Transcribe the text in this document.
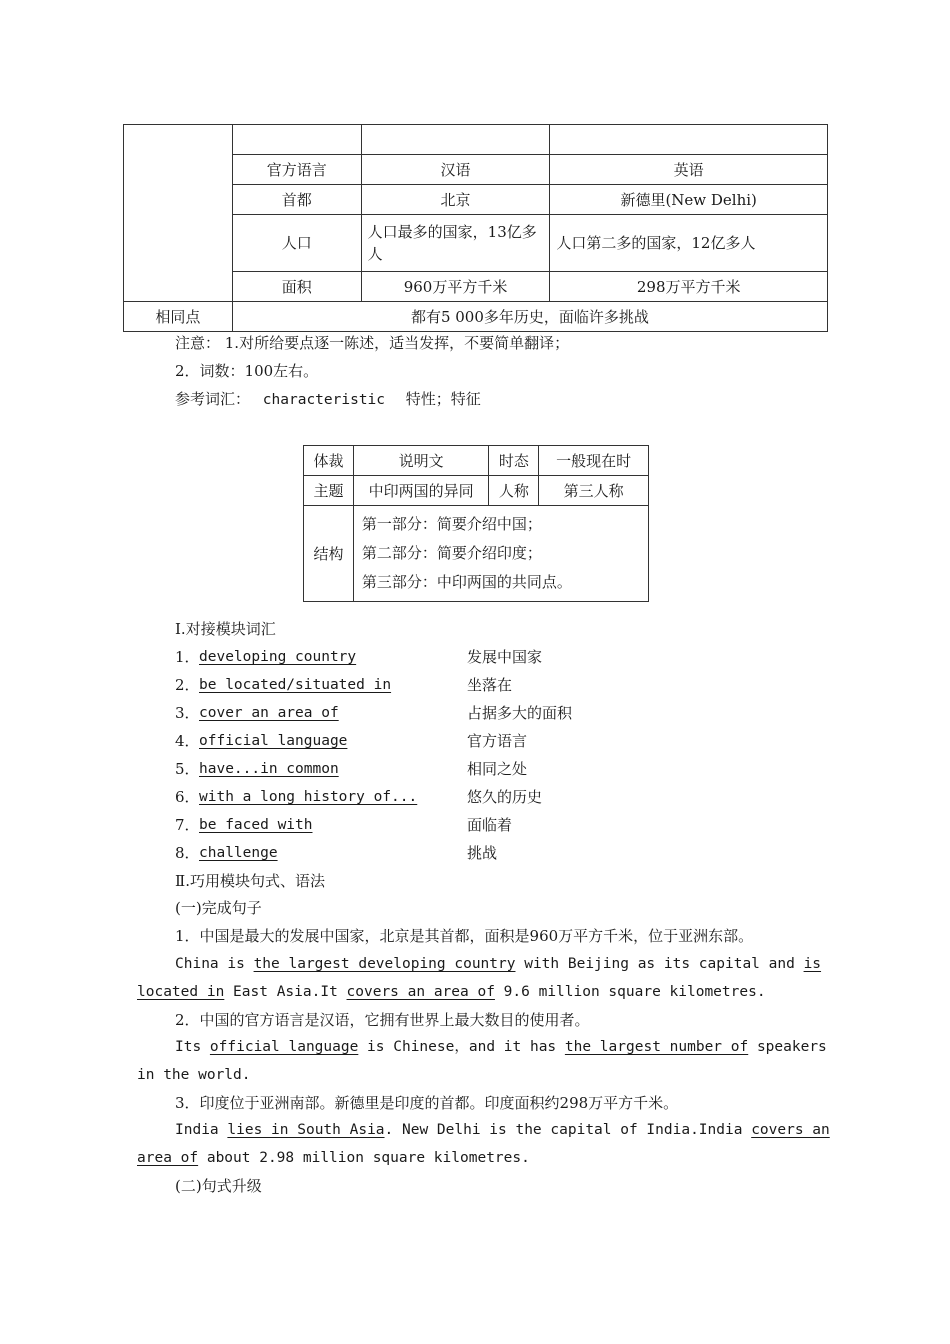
	官方语言	汉语	英语
	首都	北京	新德里(New Delhi)
	人口	人口最多的国家，13亿多人	人口第二多的国家，12亿多人
	面积	960万平方千米	298万平方千米
相同点	都有5 000多年历史，面临许多挑战		
注意： 1.对所给要点逐一陈述，适当发挥，不要简单翻译；
2．词数：100左右。
参考词汇： characteristic 特性；特征
体裁	说明文	时态	一般现在时
主题	中印两国的异同	人称	第三人称
结构	第一部分：简要介绍中国；
第二部分：简要介绍印度；
第三部分：中印两国的共同点。		
Ⅰ.对接模块词汇
1． developing country	发展中国家
2． be located/situated in	坐落在
3． cover an area of	占据多大的面积
4． official language	官方语言
5． have...in common	相同之处
6． with a long history of...	悠久的历史
7． be faced with	面临着
8． challenge	挑战
Ⅱ.巧用模块句式、语法
(一)完成句子
1．中国是最大的发展中国家，北京是其首都，面积是960万平方千米，位于亚洲东部。
China is the largest developing country with Beijing as its capital and is
located in East Asia.It covers an area of 9.6 million square kilometres.
2．中国的官方语言是汉语，它拥有世界上最大数目的使用者。
Its official language is Chinese，and it has the largest number of speakers
in the world.
3．印度位于亚洲南部。新德里是印度的首都。印度面积约298万平方千米。
India lies in South Asia. New Delhi is the capital of India.India covers an
area of about 2.98 million square kilometres.
(二)句式升级
